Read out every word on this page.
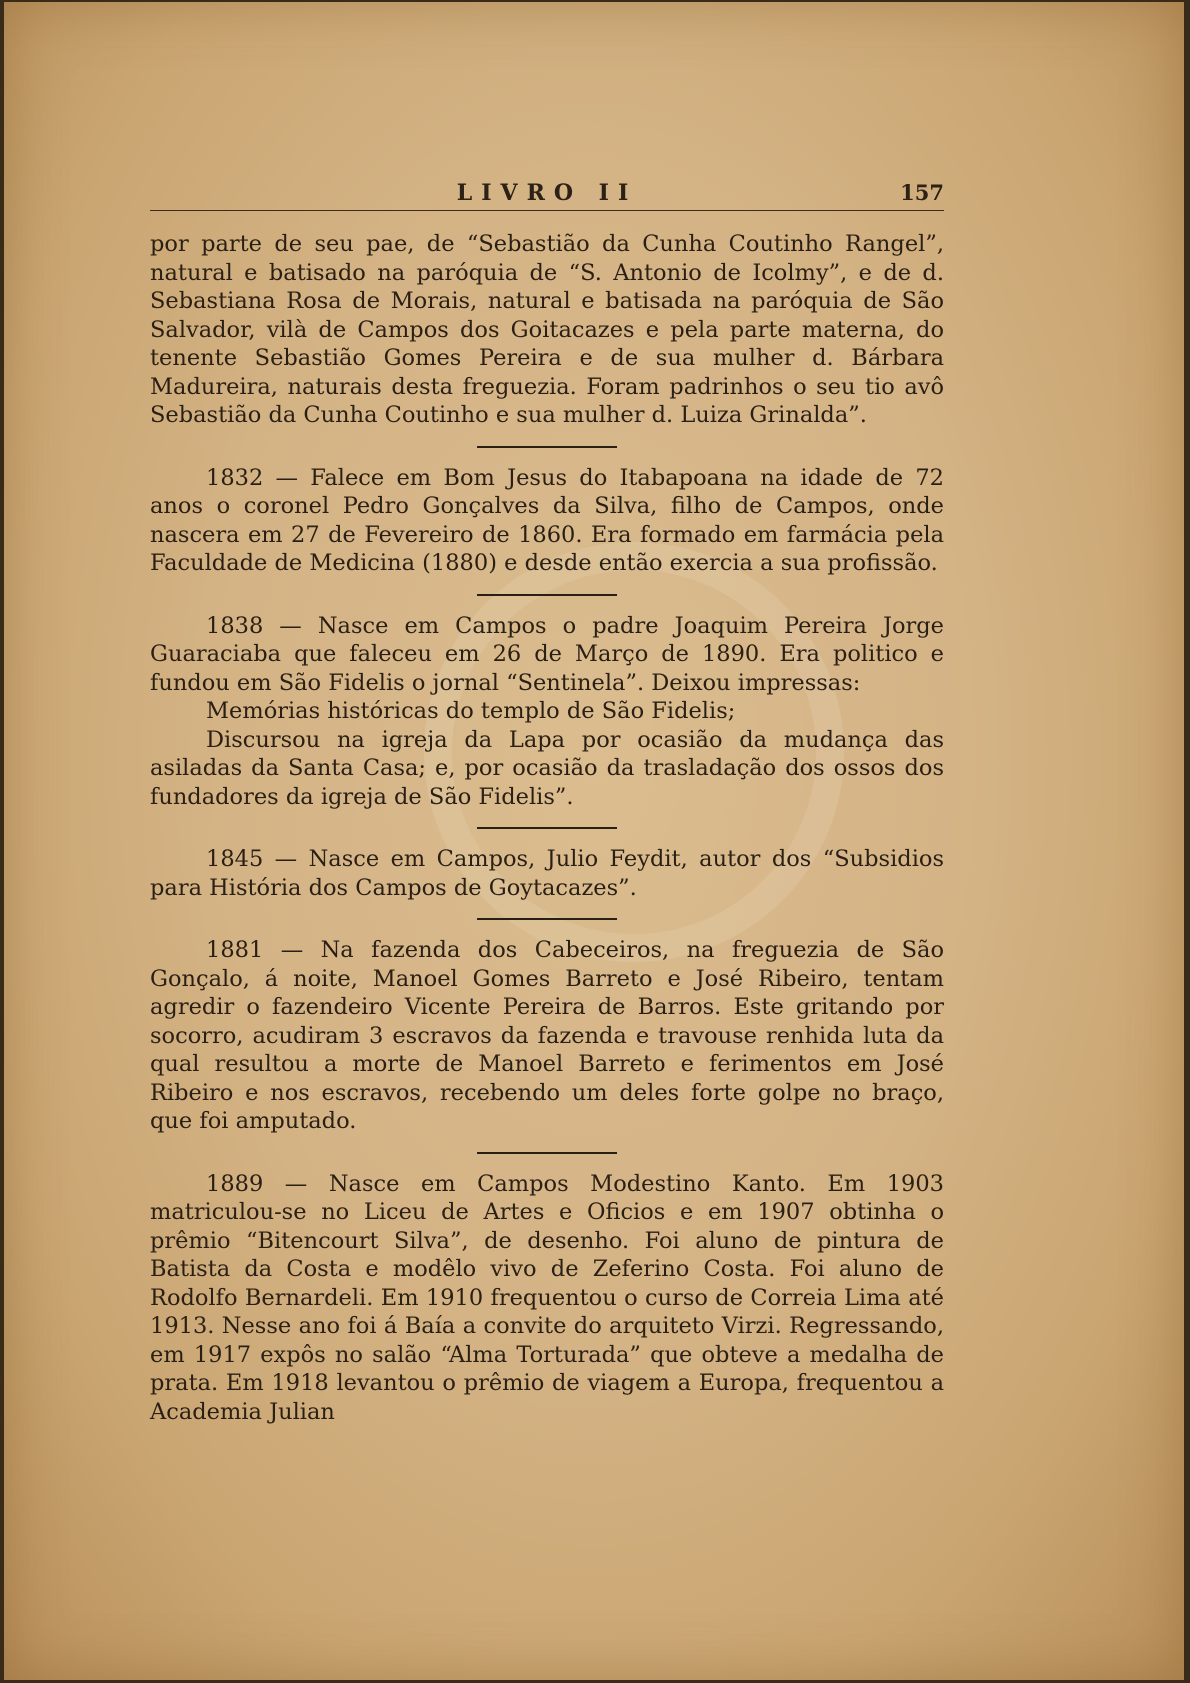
LIVRO II	157

por parte de seu pae, de “Sebastião da Cunha Coutinho Rangel”, natural e batisado na paróquia de “S. Antonio de Icolmy”, e de d. Sebastiana Rosa de Morais, natural e batisada na paróquia de São Salvador, vilà de Campos dos Goitacazes e pela parte materna, do tenente Sebastião Gomes Pereira e de sua mulher d. Bárbara Madureira, naturais desta freguezia. Foram padrinhos o seu tio avô Sebastião da Cunha Coutinho e sua mulher d. Luiza Grinalda”.

1832 — Falece em Bom Jesus do Itabapoana na idade de 72 anos o coronel Pedro Gonçalves da Silva, filho de Campos, onde nascera em 27 de Fevereiro de 1860. Era formado em farmácia pela Faculdade de Medicina (1880) e desde então exercia a sua profissão.

1838 — Nasce em Campos o padre Joaquim Pereira Jorge Guaraciaba que faleceu em 26 de Março de 1890. Era politico e fundou em São Fidelis o jornal “Sentinela”. Deixou impressas:

Memórias históricas do templo de São Fidelis;

Discursou na igreja da Lapa por ocasião da mudança das asiladas da Santa Casa; e, por ocasião da trasladação dos ossos dos fundadores da igreja de São Fidelis”.

1845 — Nasce em Campos, Julio Feydit, autor dos “Subsidios para História dos Campos de Goytacazes”.

1881 — Na fazenda dos Cabeceiros, na freguezia de São Gonçalo, á noite, Manoel Gomes Barreto e José Ribeiro, tentam agredir o fazendeiro Vicente Pereira de Barros. Este gritando por socorro, acudiram 3 escravos da fazenda e travouse renhida luta da qual resultou a morte de Manoel Barreto e ferimentos em José Ribeiro e nos escravos, recebendo um deles forte golpe no braço, que foi amputado.

1889 — Nasce em Campos Modestino Kanto. Em 1903 matriculou-se no Liceu de Artes e Oficios e em 1907 obtinha o prêmio “Bitencourt Silva”, de desenho. Foi aluno de pintura de Batista da Costa e modêlo vivo de Zeferino Costa. Foi aluno de Rodolfo Bernardeli. Em 1910 frequentou o curso de Correia Lima até 1913. Nesse ano foi á Baía a convite do arquiteto Virzi. Regressando, em 1917 expôs no salão “Alma Torturada” que obteve a medalha de prata. Em 1918 levantou o prêmio de viagem a Europa, frequentou a Academia Julian
